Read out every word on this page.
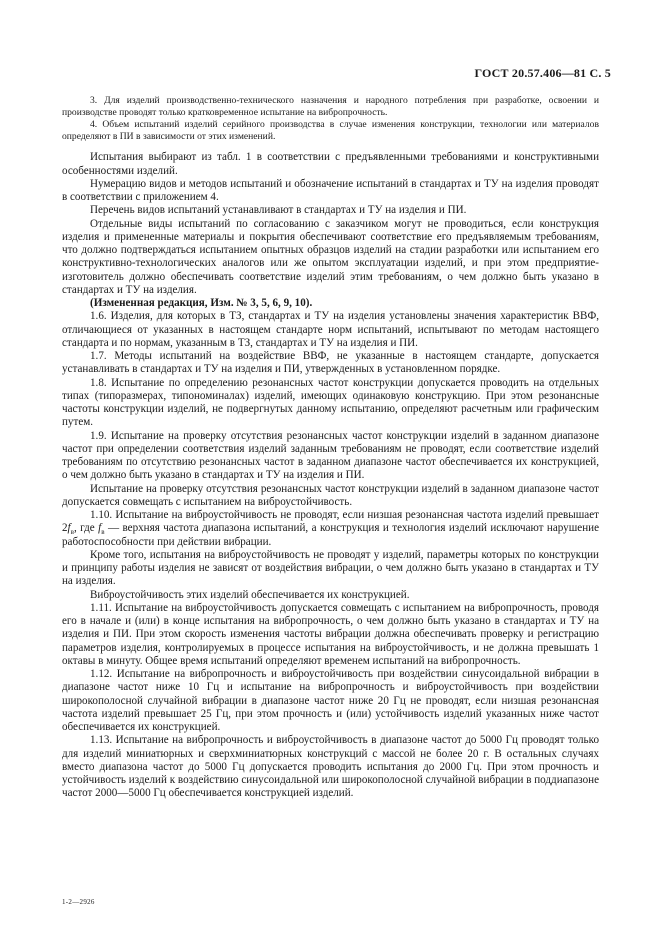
ГОСТ 20.57.406—81 С. 5

3. Для изделий производственно-технического назначения и народного потребления при разработке, освоении и производстве проводят только кратковременное испытание на вибропрочность.

4. Объем испытаний изделий серийного производства в случае изменения конструкции, технологии или материалов определяют в ПИ в зависимости от этих изменений.

Испытания выбирают из табл. 1 в соответствии с предъявленными требованиями и конструктивными особенностями изделий.

Нумерацию видов и методов испытаний и обозначение испытаний в стандартах и ТУ на изделия проводят в соответствии с приложением 4.

Перечень видов испытаний устанавливают в стандартах и ТУ на изделия и ПИ.

Отдельные виды испытаний по согласованию с заказчиком могут не проводиться, если конструкция изделия и примененные материалы и покрытия обеспечивают соответствие его предъявляемым требованиям, что должно подтверждаться испытанием опытных образцов изделий на стадии разработки или испытанием его конструктивно-технологических аналогов или же опытом эксплуатации изделий, и при этом предприятие-изготовитель должно обеспечивать соответствие изделий этим требованиям, о чем должно быть указано в стандартах и ТУ на изделия.

(Измененная редакция, Изм. № 3, 5, 6, 9, 10).

1.6. Изделия, для которых в ТЗ, стандартах и ТУ на изделия установлены значения характеристик ВВФ, отличающиеся от указанных в настоящем стандарте норм испытаний, испытывают по методам настоящего стандарта и по нормам, указанным в ТЗ, стандартах и ТУ на изделия и ПИ.

1.7. Методы испытаний на воздействие ВВФ, не указанные в настоящем стандарте, допускается устанавливать в стандартах и ТУ на изделия и ПИ, утвержденных в установленном порядке.

1.8. Испытание по определению резонансных частот конструкции допускается проводить на отдельных типах (типоразмерах, типономиналах) изделий, имеющих одинаковую конструкцию. При этом резонансные частоты конструкции изделий, не подвергнутых данному испытанию, определяют расчетным или графическим путем.

1.9. Испытание на проверку отсутствия резонансных частот конструкции изделий в заданном диапазоне частот при определении соответствия изделий заданным требованиям не проводят, если соответствие изделий требованиям по отсутствию резонансных частот в заданном диапазоне частот обеспечивается их конструкцией, о чем должно быть указано в стандартах и ТУ на изделия и ПИ.

Испытание на проверку отсутствия резонансных частот конструкции изделий в заданном диапазоне частот допускается совмещать с испытанием на виброустойчивость.

1.10. Испытание на виброустойчивость не проводят, если низшая резонансная частота изделий превышает $2f_в$, где $f_в$ — верхняя частота диапазона испытаний, а конструкция и технология изделий исключают нарушение работоспособности при действии вибрации.

Кроме того, испытания на виброустойчивость не проводят у изделий, параметры которых по конструкции и принципу работы изделия не зависят от воздействия вибрации, о чем должно быть указано в стандартах и ТУ на изделия.

Виброустойчивость этих изделий обеспечивается их конструкцией.

1.11. Испытание на виброустойчивость допускается совмещать с испытанием на вибропрочность, проводя его в начале и (или) в конце испытания на вибропрочность, о чем должно быть указано в стандартах и ТУ на изделия и ПИ. При этом скорость изменения частоты вибрации должна обеспечивать проверку и регистрацию параметров изделия, контролируемых в процессе испытания на виброустойчивость, и не должна превышать 1 октавы в минуту. Общее время испытаний определяют временем испытаний на вибропрочность.

1.12. Испытание на вибропрочность и виброустойчивость при воздействии синусоидальной вибрации в диапазоне частот ниже 10 Гц и испытание на вибропрочность и виброустойчивость при воздействии широкополосной случайной вибрации в диапазоне частот ниже 20 Гц не проводят, если низшая резонансная частота изделий превышает 25 Гц, при этом прочность и (или) устойчивость изделий указанных ниже частот обеспечивается их конструкцией.

1.13. Испытание на вибропрочность и виброустойчивость в диапазоне частот до 5000 Гц проводят только для изделий миниатюрных и сверхминиатюрных конструкций с массой не более 20 г. В остальных случаях вместо диапазона частот до 5000 Гц допускается проводить испытания до 2000 Гц. При этом прочность и устойчивость изделий к воздействию синусоидальной или широкополосной случайной вибрации в поддиапазоне частот 2000—5000 Гц обеспечивается конструкцией изделий.

1-2—2926
